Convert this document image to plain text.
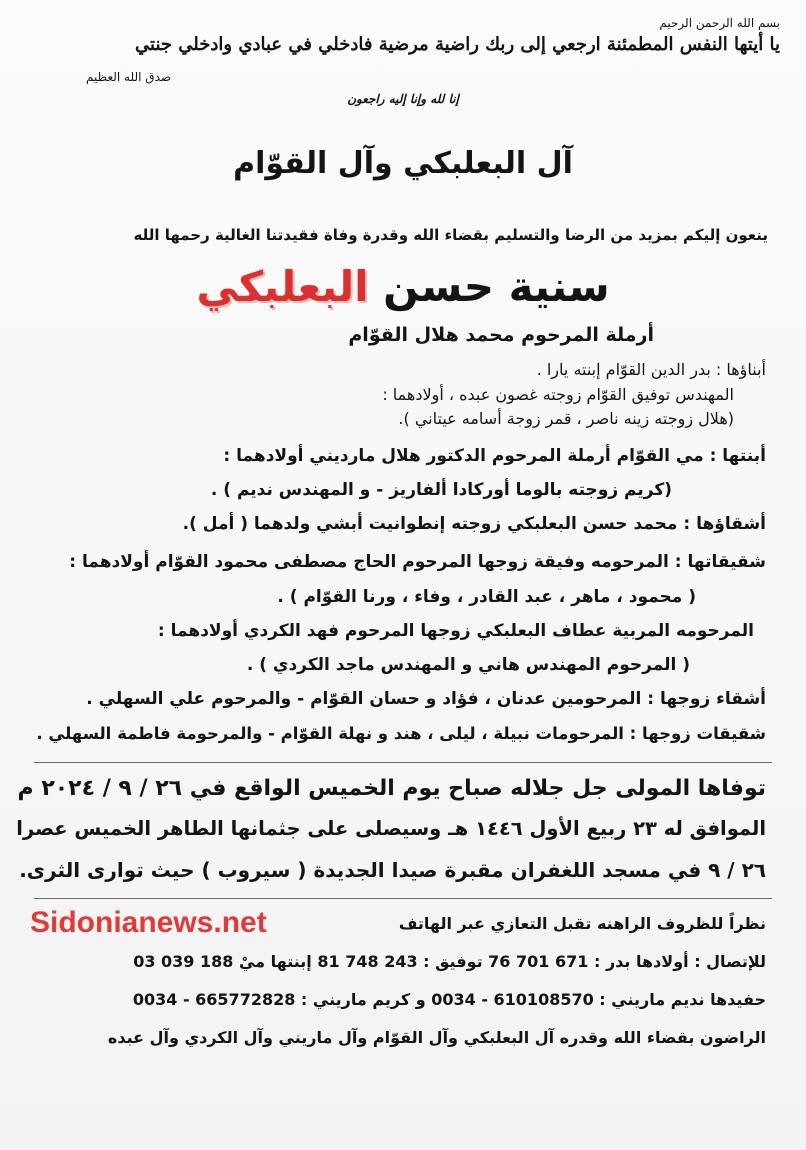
بسم الله الرحمن الرحيم
يا أيتها النفس المطمئنة ارجعي إلى ربك راضية مرضية فادخلي في عبادي وادخلي جنتي
صدق الله العظيم
إنا لله وإنا إليه راجعون
آل البعلبكي وآل القوّام
ينعون إليكم بمزيد من الرضا والتسليم بقضاء الله وقدرة وفاة فقيدتنا الغالية رحمها الله
سنية حسن البعلبكي
أرملة المرحوم محمد هلال القوّام
أبناؤها : بدر الدين القوّام إبنته يارا .
المهندس توفيق القوّام زوجته غصون عبده ، أولادهما :
(هلال زوجته زينه ناصر ، قمر زوجة أسامه عيتاني ).
أبنتها : مي القوّام أرملة المرحوم الدكتور هلال مارديني أولادهما :
(كريم زوجته بالوما أوركادا ألفاريز - و المهندس نديم ) .
أشقاؤها : محمد حسن البعلبكي زوجته إنطوانيت أبشي ولدهما ( أمل ).
شقيقاتها : المرحومه وفيقة زوجها المرحوم الحاج مصطفى محمود القوّام أولادهما :
( محمود ، ماهر ، عبد القادر ، وفاء ، ورنا القوّام ) .
المرحومه المربية عطاف البعلبكي زوجها المرحوم فهد الكردي أولادهما :
( المرحوم المهندس هاني و المهندس ماجد الكردي ) .
أشقاء زوجها : المرحومين عدنان ، فؤاد و حسان القوّام - والمرحوم علي السهلي .
شقيقات زوجها : المرحومات نبيلة ، ليلى ، هند و نهلة القوّام - والمرحومة فاطمة السهلي .
توفاها المولى جل جلاله صباح يوم الخميس الواقع في ٢٦ / ٩ / ٢٠٢٤ م
الموافق له ٢٣ ربيع الأول ١٤٤٦ هـ وسيصلى على جثمانها الطاهر الخميس عصرا
٢٦ / ٩ في مسجد اللغفران مقبرة صيدا الجديدة ( سيروب ) حيث توارى الثرى.
Sidonianews.net	نظراً للظروف الراهنه تقبل التعازي عبر الهاتف
للإتصال : أولادها بدر : 671 701 76 توفيق : 243 748 81 إبنتها ميْ 188 039 03
حفيدها نديم ماريني : 610108570 - 0034 و كريم ماريني : 665772828 - 0034
الراضون بقضاء الله وقدره آل البعلبكي وآل القوّام وآل ماريني وآل الكردي وآل عبده
